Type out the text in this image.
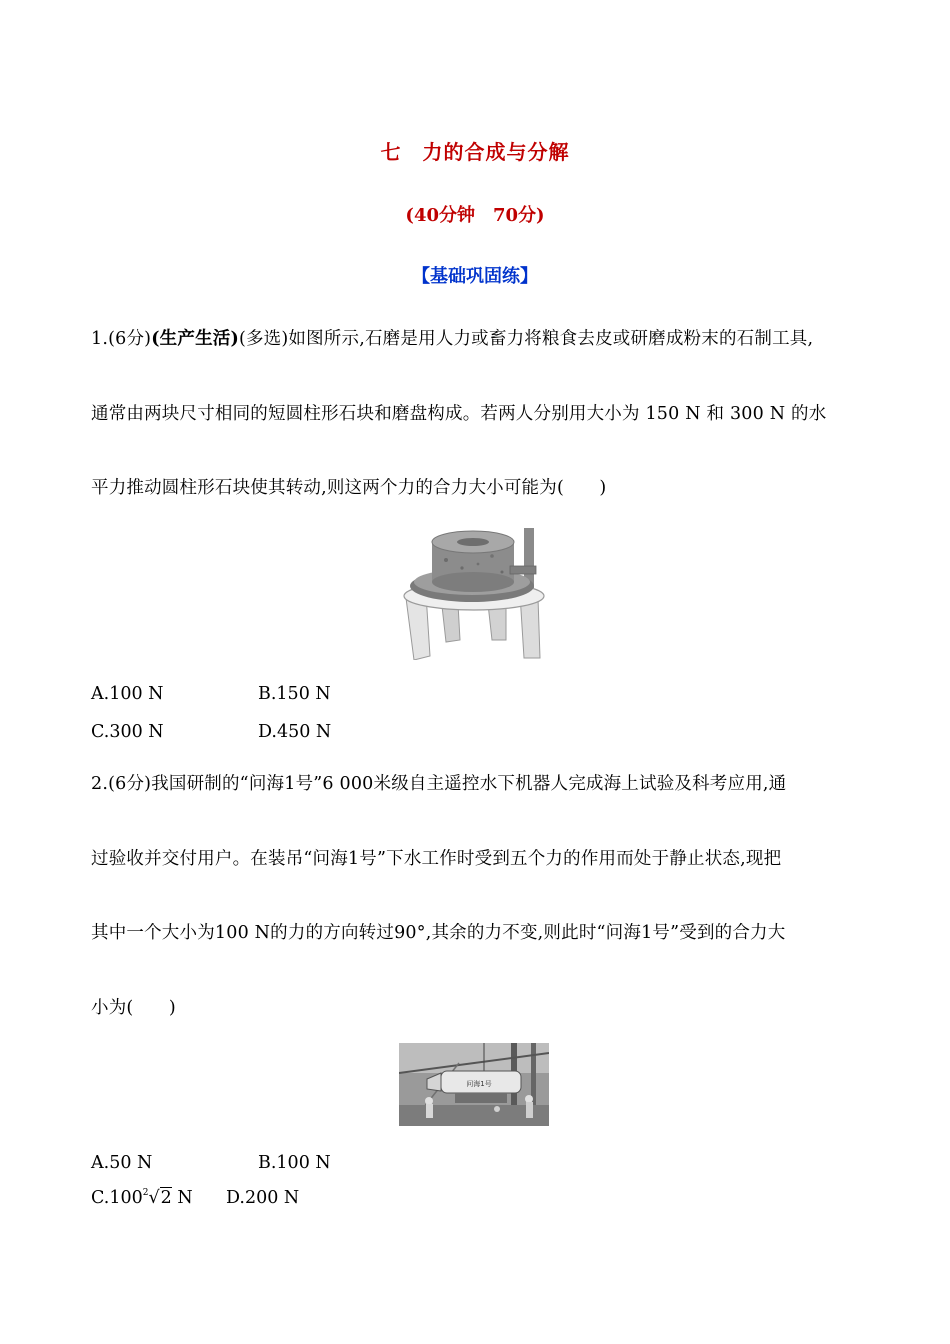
七　力的合成与分解
(40分钟　70分)
【基础巩固练】
1.(6分)(生产生活)(多选)如图所示,石磨是用人力或畜力将粮食去皮或研磨成粉末的石制工具,
通常由两块尺寸相同的短圆柱形石块和磨盘构成。若两人分别用大小为 150 N 和 300 N 的水
平力推动圆柱形石块使其转动,则这两个力的合力大小可能为(　　)
A.100 N	B.150 N
C.300 N	D.450 N
2.(6分)我国研制的“问海1号”6 000米级自主遥控水下机器人完成海上试验及科考应用,通
过验收并交付用户。在装吊“问海1号”下水工作时受到五个力的作用而处于静止状态,现把
其中一个大小为100 N的力的方向转过90°,其余的力不变,则此时“问海1号”受到的合力大
小为(　　)
问海1号
A.50 N	B.100 N
C.100$^2$√2 N D.200 N
